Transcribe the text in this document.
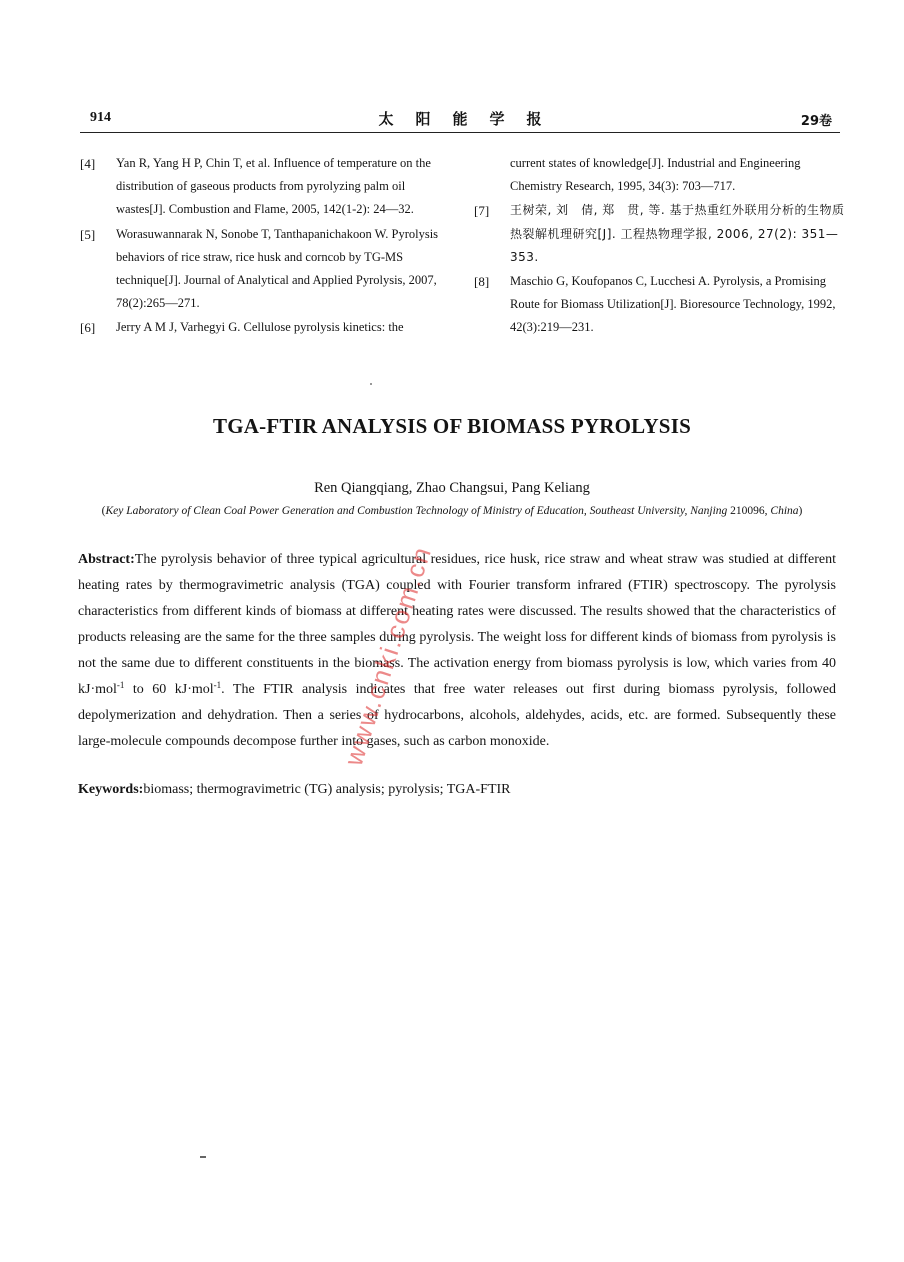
914	太阳能学报	29卷
[4] Yan R, Yang H P, Chin T, et al. Influence of temperature on the distribution of gaseous products from pyrolyzing palm oil wastes[J]. Combustion and Flame, 2005, 142(1-2): 24—32.
[5] Worasuwannarak N, Sonobe T, Tanthapanichakoon W. Pyrolysis behaviors of rice straw, rice husk and corncob by TG-MS technique[J]. Journal of Analytical and Applied Pyrolysis, 2007, 78(2):265—271.
[6] Jerry A M J, Varhegyi G. Cellulose pyrolysis kinetics: the
current states of knowledge[J]. Industrial and Engineering Chemistry Research, 1995, 34(3): 703—717.
[7] 王树荣, 刘　倩, 郑　贯, 等. 基于热重红外联用分析的生物质热裂解机理研究[J]. 工程热物理学报, 2006, 27(2): 351—353.
[8] Maschio G, Koufopanos C, Lucchesi A. Pyrolysis, a Promising Route for Biomass Utilization[J]. Bioresource Technology, 1992, 42(3):219—231.
TGA-FTIR ANALYSIS OF BIOMASS PYROLYSIS
Ren Qiangqiang, Zhao Changsui, Pang Keliang
(Key Laboratory of Clean Coal Power Generation and Combustion Technology of Ministry of Education, Southeast University, Nanjing 210096, China)
Abstract:The pyrolysis behavior of three typical agricultural residues, rice husk, rice straw and wheat straw was studied at different heating rates by thermogravimetric analysis (TGA) coupled with Fourier transform infrared (FTIR) spectroscopy. The pyrolysis characteristics from different kinds of biomass at different heating rates were discussed. The results showed that the characteristics of products releasing are the same for the three samples during pyrolysis. The weight loss for different kinds of biomass from pyrolysis is not the same due to different constituents in the biomass. The activation energy from biomass pyrolysis is low, which varies from 40 kJ·mol$^{-1}$ to 60 kJ·mol$^{-1}$. The FTIR analysis indicates that free water releases out first during biomass pyrolysis, followed depolymerization and dehydration. Then a series of hydrocarbons, alcohols, aldehydes, acids, etc. are formed. Subsequently these large-molecule compounds decompose further into gases, such as carbon monoxide.
Keywords:biomass; thermogravimetric (TG) analysis; pyrolysis; TGA-FTIR
www.cnki.com.cn
